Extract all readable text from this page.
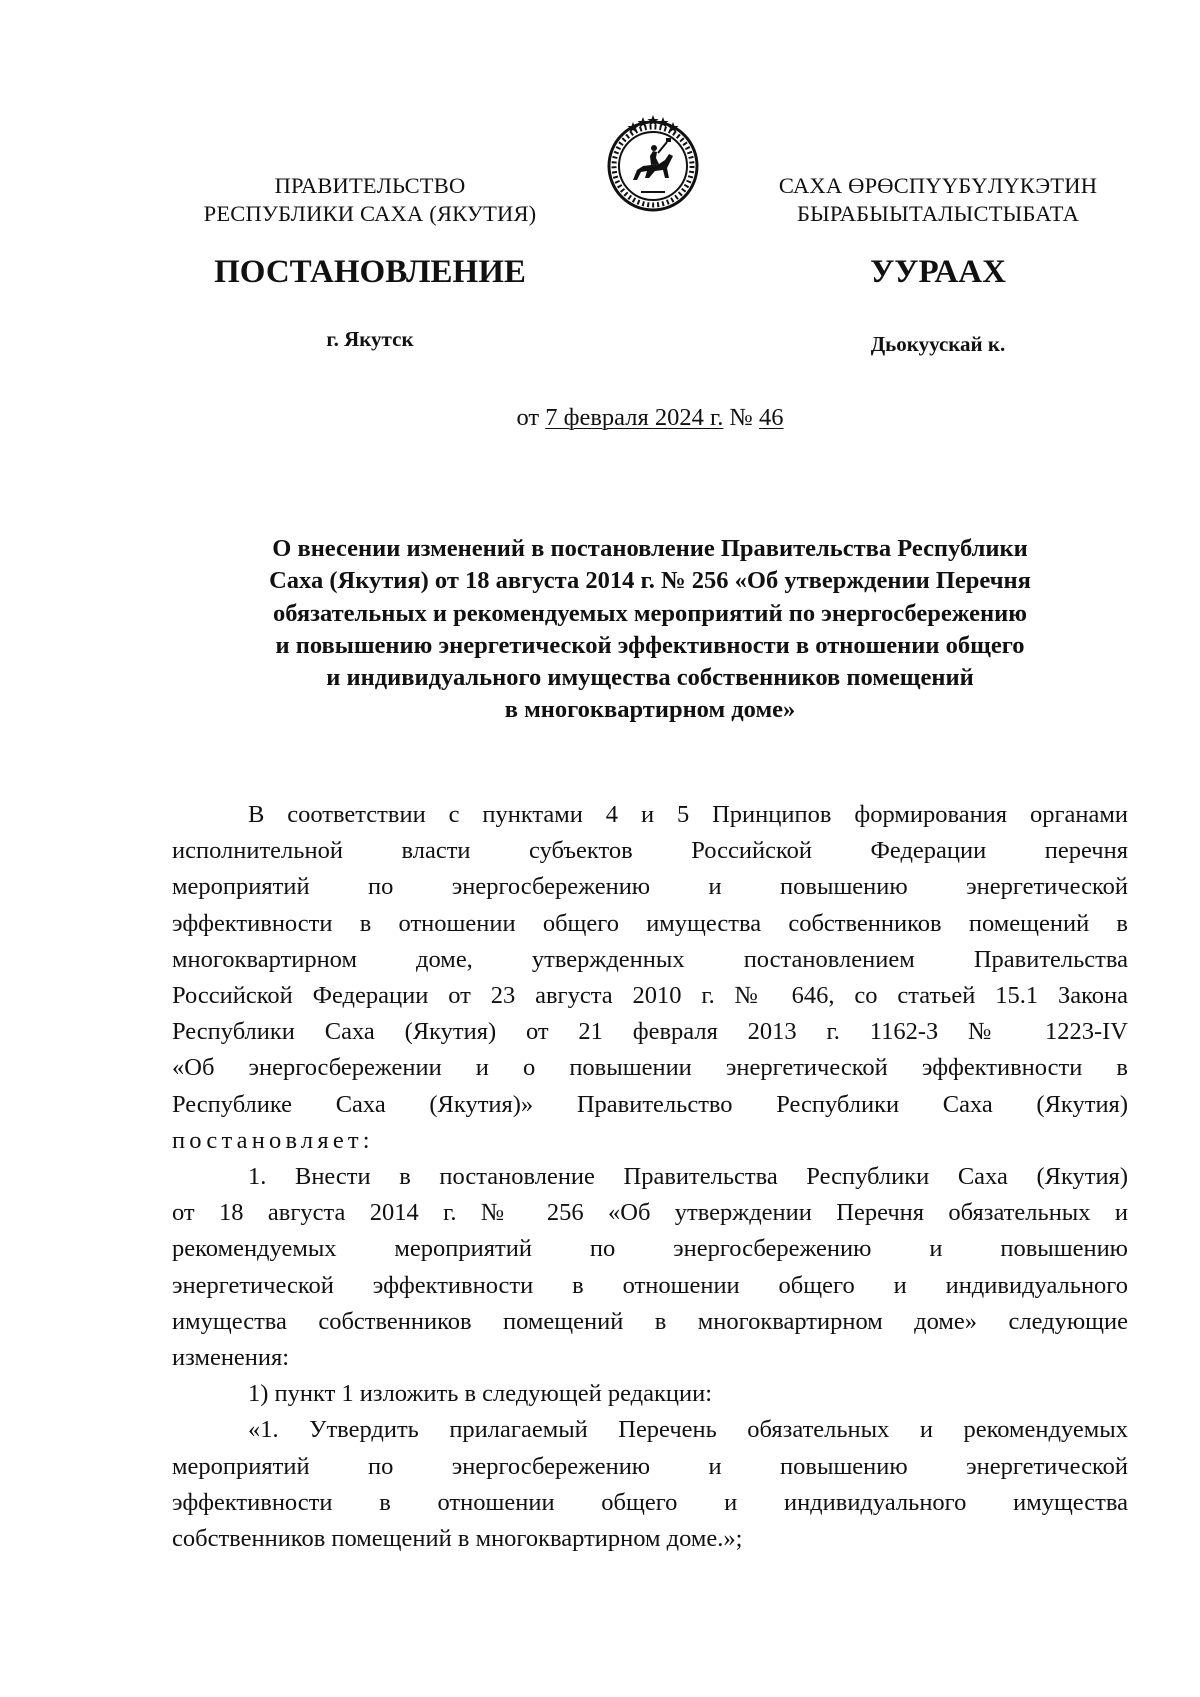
ПРАВИТЕЛЬСТВО
РЕСПУБЛИКИ САХА (ЯКУТИЯ)
САХА ӨРӨСПҮҮБҮЛҮКЭТИН
БЫРАБЫЫТАЛЫСТЫБАТА
ПОСТАНОВЛЕНИЕ	УУРААХ
г. Якутск	Дьокуускай к.
от 7 февраля 2024 г. № 46
О внесении изменений в постановление Правительства Республики
Саха (Якутия) от 18 августа 2014 г. № 256 «Об утверждении Перечня
обязательных и рекомендуемых мероприятий по энергосбережению
и повышению энергетической эффективности в отношении общего
и индивидуального имущества собственников помещений
в многоквартирном доме»
В соответствии с пунктами 4 и 5 Принципов формирования органами
исполнительной власти субъектов Российской Федерации перечня
мероприятий по энергосбережению и повышению энергетической
эффективности в отношении общего имущества собственников помещений в
многоквартирном доме, утвержденных постановлением Правительства
Российской Федерации от 23 августа 2010 г. № 646, со статьей 15.1 Закона
Республики Саха (Якутия) от 21 февраля 2013 г. 1162-З № 1223-IV
«Об энергосбережении и о повышении энергетической эффективности в
Республике Саха (Якутия)» Правительство Республики Саха (Якутия)
постановляет:
1. Внести в постановление Правительства Республики Саха (Якутия)
от 18 августа 2014 г. № 256 «Об утверждении Перечня обязательных и
рекомендуемых мероприятий по энергосбережению и повышению
энергетической эффективности в отношении общего и индивидуального
имущества собственников помещений в многоквартирном доме» следующие
изменения:
1) пункт 1 изложить в следующей редакции:
«1. Утвердить прилагаемый Перечень обязательных и рекомендуемых
мероприятий по энергосбережению и повышению энергетической
эффективности в отношении общего и индивидуального имущества
собственников помещений в многоквартирном доме.»;
